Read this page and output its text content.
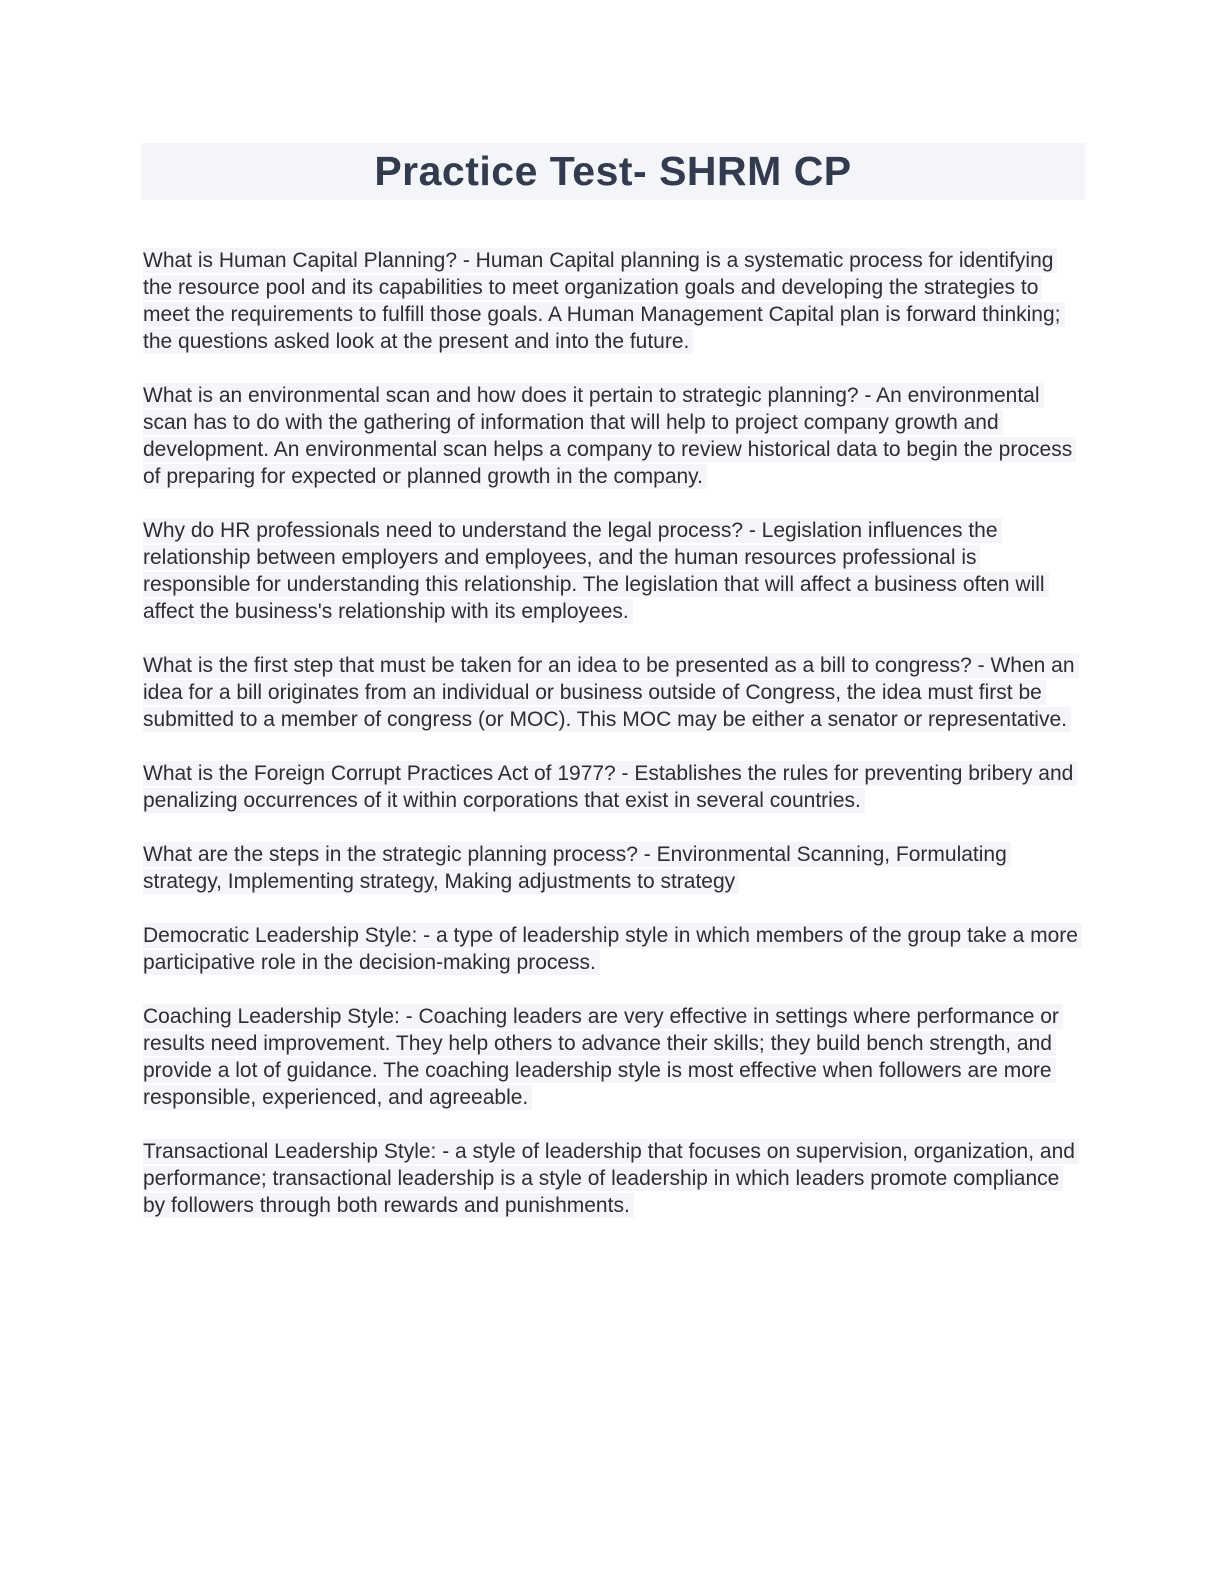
Practice Test- SHRM CP

What is Human Capital Planning? - Human Capital planning is a systematic process for identifying the resource pool and its capabilities to meet organization goals and developing the strategies to meet the requirements to fulfill those goals. A Human Management Capital plan is forward thinking; the questions asked look at the present and into the future.

What is an environmental scan and how does it pertain to strategic planning? - An environmental scan has to do with the gathering of information that will help to project company growth and development. An environmental scan helps a company to review historical data to begin the process of preparing for expected or planned growth in the company.

Why do HR professionals need to understand the legal process? - Legislation influences the relationship between employers and employees, and the human resources professional is responsible for understanding this relationship. The legislation that will affect a business often will affect the business's relationship with its employees.

What is the first step that must be taken for an idea to be presented as a bill to congress? - When an idea for a bill originates from an individual or business outside of Congress, the idea must first be submitted to a member of congress (or MOC). This MOC may be either a senator or representative.

What is the Foreign Corrupt Practices Act of 1977? - Establishes the rules for preventing bribery and penalizing occurrences of it within corporations that exist in several countries.

What are the steps in the strategic planning process? - Environmental Scanning, Formulating strategy, Implementing strategy, Making adjustments to strategy

Democratic Leadership Style: - a type of leadership style in which members of the group take a more participative role in the decision-making process.

Coaching Leadership Style: - Coaching leaders are very effective in settings where performance or results need improvement. They help others to advance their skills; they build bench strength, and provide a lot of guidance. The coaching leadership style is most effective when followers are more responsible, experienced, and agreeable.

Transactional Leadership Style: - a style of leadership that focuses on supervision, organization, and performance; transactional leadership is a style of leadership in which leaders promote compliance by followers through both rewards and punishments.
